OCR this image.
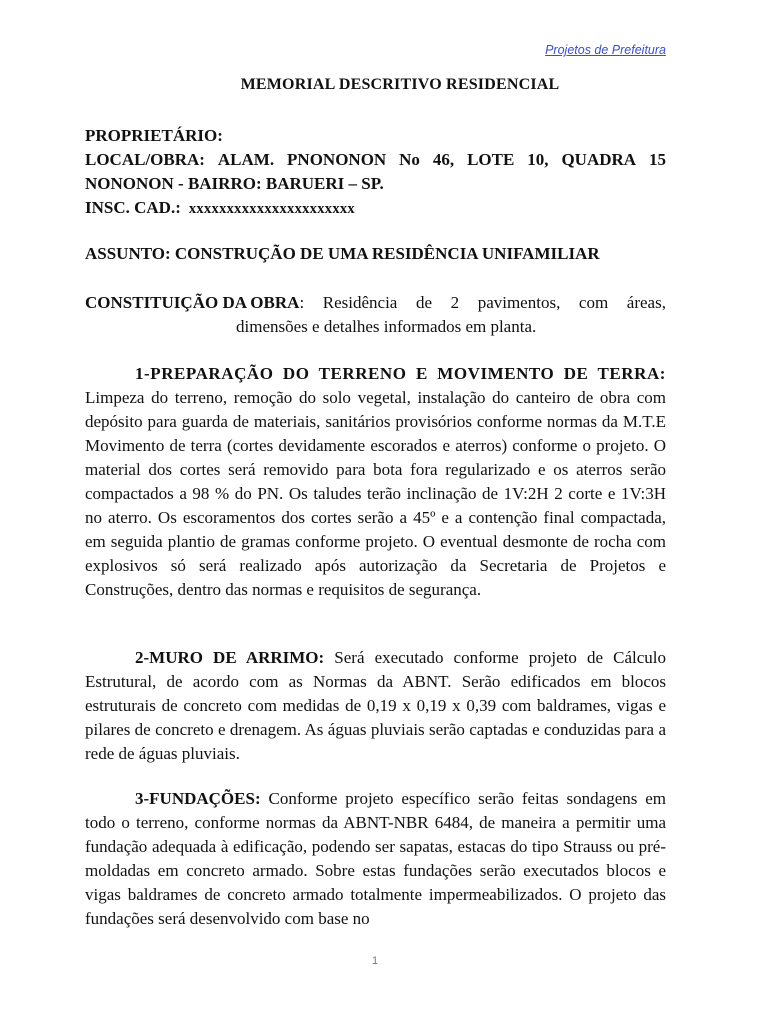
Projetos de Prefeitura
MEMORIAL DESCRITIVO RESIDENCIAL
PROPRIETÁRIO:
LOCAL/OBRA: ALAM. PNONONON No 46, LOTE 10, QUADRA 15
NONONON - BAIRRO: BARUERI – SP.
INSC. CAD.: xxxxxxxxxxxxxxxxxxxxxx
ASSUNTO: CONSTRUÇÃO DE UMA RESIDÊNCIA UNIFAMILIAR
CONSTITUIÇÃO DA OBRA: Residência de 2 pavimentos, com áreas,
dimensões e detalhes informados em planta.
1-PREPARAÇÃO DO TERRENO E MOVIMENTO DE TERRA: Limpeza do terreno, remoção do solo vegetal, instalação do canteiro de obra com depósito para guarda de materiais, sanitários provisórios conforme normas da M.T.E Movimento de terra (cortes devidamente escorados e aterros) conforme o projeto. O material dos cortes será removido para bota fora regularizado e os aterros serão compactados a 98 % do PN. Os taludes terão inclinação de 1V:2H 2 corte e 1V:3H no aterro. Os escoramentos dos cortes serão a 45º e a contenção final compactada, em seguida plantio de gramas conforme projeto. O eventual desmonte de rocha com explosivos só será realizado após autorização da Secretaria de Projetos e Construções, dentro das normas e requisitos de segurança.
2-MURO DE ARRIMO: Será executado conforme projeto de Cálculo Estrutural, de acordo com as Normas da ABNT. Serão edificados em blocos estruturais de concreto com medidas de 0,19 x 0,19 x 0,39 com baldrames, vigas e pilares de concreto e drenagem. As águas pluviais serão captadas e conduzidas para a rede de águas pluviais.
3-FUNDAÇÕES: Conforme projeto específico serão feitas sondagens em todo o terreno, conforme normas da ABNT-NBR 6484, de maneira a permitir uma fundação adequada à edificação, podendo ser sapatas, estacas do tipo Strauss ou pré-moldadas em concreto armado. Sobre estas fundações serão executados blocos e vigas baldrames de concreto armado totalmente impermeabilizados. O projeto das fundações será desenvolvido com base no
1
